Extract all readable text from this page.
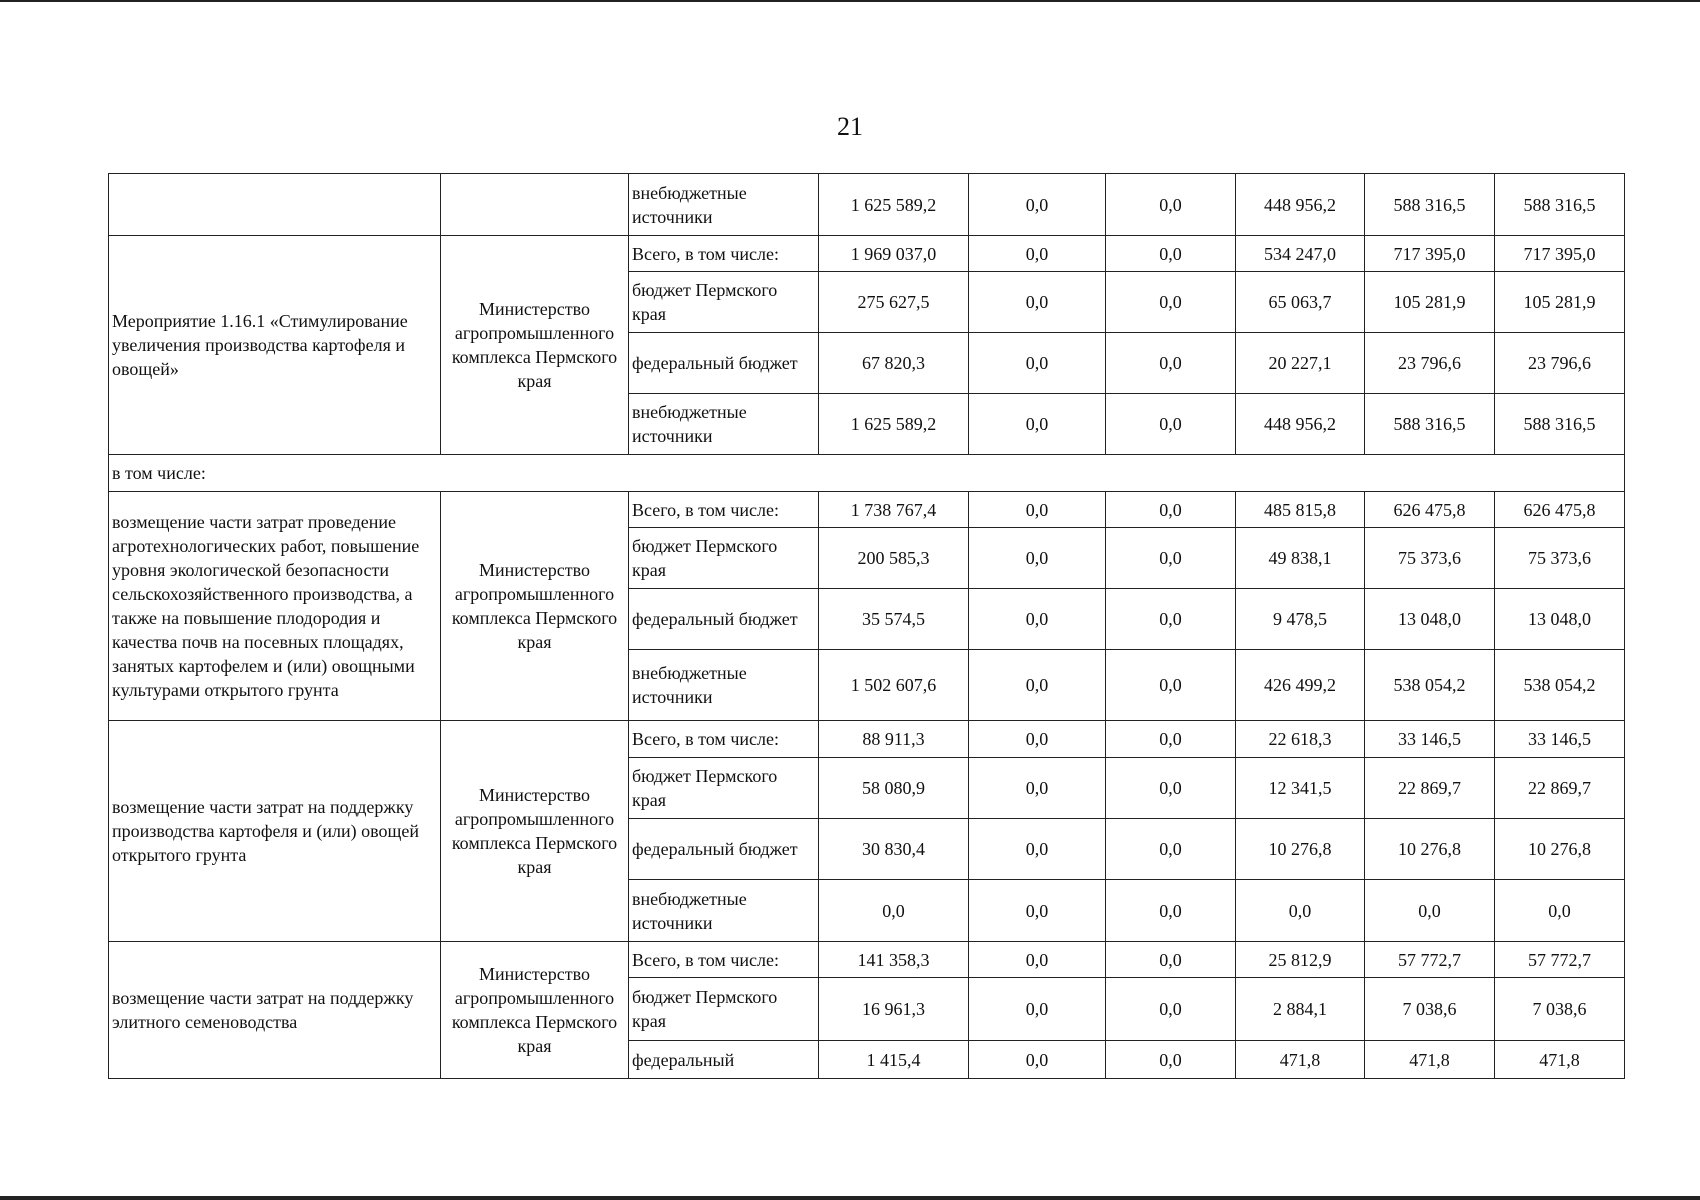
21
		внебюджетные источники	1 625 589,2	0,0	0,0	448 956,2	588 316,5	588 316,5
Мероприятие 1.16.1 «Стимулирование увеличения производства картофеля и овощей»	Министерство агропромышленного комплекса Пермского края	Всего, в том числе:	1 969 037,0	0,0	0,0	534 247,0	717 395,0	717 395,0
		бюджет Пермского края	275 627,5	0,0	0,0	65 063,7	105 281,9	105 281,9
		федеральный бюджет	67 820,3	0,0	0,0	20 227,1	23 796,6	23 796,6
		внебюджетные источники	1 625 589,2	0,0	0,0	448 956,2	588 316,5	588 316,5
в том числе:								
возмещение части затрат проведение агротехнологических работ, повышение уровня экологической безопасности сельскохозяйственного производства, а также на повышение плодородия и качества почв на посевных площадях, занятых картофелем и (или) овощными культурами открытого грунта	Министерство агропромышленного комплекса Пермского края	Всего, в том числе:	1 738 767,4	0,0	0,0	485 815,8	626 475,8	626 475,8
		бюджет Пермского края	200 585,3	0,0	0,0	49 838,1	75 373,6	75 373,6
		федеральный бюджет	35 574,5	0,0	0,0	9 478,5	13 048,0	13 048,0
		внебюджетные источники	1 502 607,6	0,0	0,0	426 499,2	538 054,2	538 054,2
возмещение части затрат на поддержку производства картофеля и (или) овощей открытого грунта	Министерство агропромышленного комплекса Пермского края	Всего, в том числе:	88 911,3	0,0	0,0	22 618,3	33 146,5	33 146,5
		бюджет Пермского края	58 080,9	0,0	0,0	12 341,5	22 869,7	22 869,7
		федеральный бюджет	30 830,4	0,0	0,0	10 276,8	10 276,8	10 276,8
		внебюджетные источники	0,0	0,0	0,0	0,0	0,0	0,0
возмещение части затрат на поддержку элитного семеноводства	Министерство агропромышленного комплекса Пермского края	Всего, в том числе:	141 358,3	0,0	0,0	25 812,9	57 772,7	57 772,7
		бюджет Пермского края	16 961,3	0,0	0,0	2 884,1	7 038,6	7 038,6
		федеральный	1 415,4	0,0	0,0	471,8	471,8	471,8
